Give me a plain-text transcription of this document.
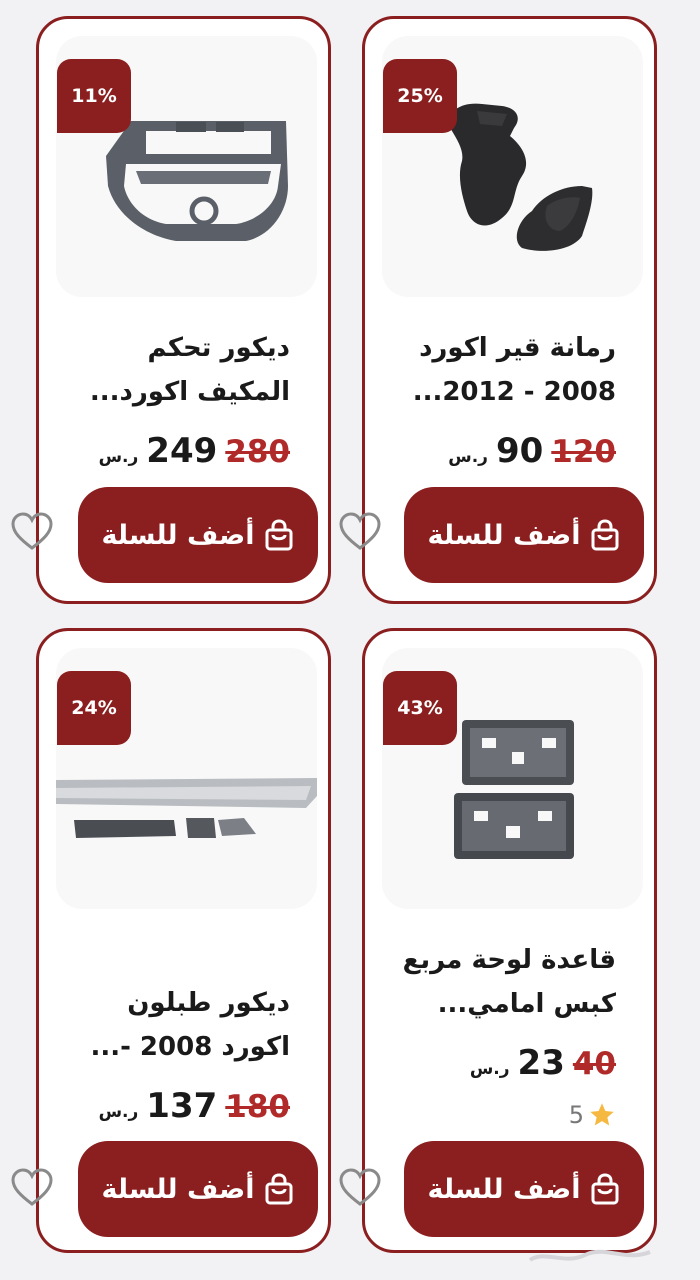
25%
رمانة قير اكورد
2008 - 2012...
120
90
ر.س
أضف للسلة
11%
ديكور تحكم
المكيف اكورد...
280
249
ر.س
أضف للسلة
43%
قاعدة لوحة مربع
كبس امامي...
40
23
ر.س
5
أضف للسلة
24%
ديكور طبلون
اكورد 2008 -...
180
137
ر.س
أضف للسلة
